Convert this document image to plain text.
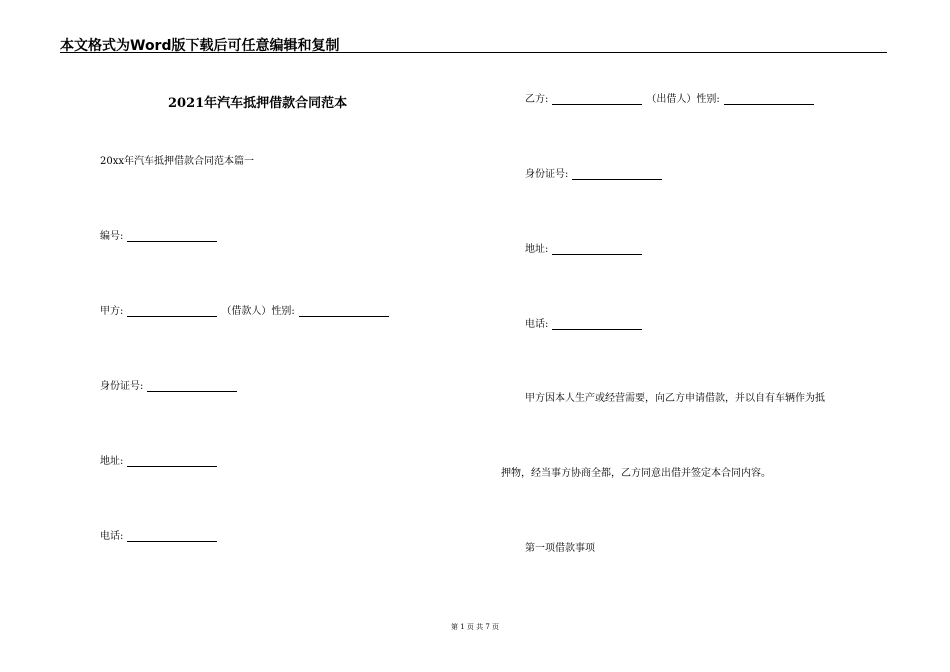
本文格式为Word版下载后可任意编辑和复制
2021年汽车抵押借款合同范本
20xx年汽车抵押借款合同范本篇一
编号:
甲方:	（借款人）性别:
身份证号:
地址:
电话:
乙方:	（出借人）性别:
身份证号:
地址:
电话:
甲方因本人生产或经营需要，向乙方申请借款，并以自有车辆作为抵
押物，经当事方协商全都，乙方同意出借并签定本合同内容。
第一项借款事项
第 1 页 共 7 页
